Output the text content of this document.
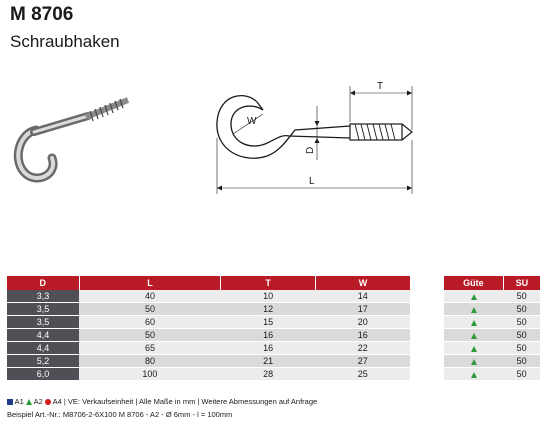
M 8706
Schraubhaken
T
W
D
L
D	L	T	W
3,3	40	10	14
3,5	50	12	17
3,5	60	15	20
4,4	50	16	16
4,4	65	16	22
5,2	80	21	27
6,0	100	28	25
Güte	SU
	50
	50
	50
	50
	50
	50
	50
A1 A2 A4 | VE: Verkaufseinheit | Alle Maße in mm | Weitere Abmessungen auf Anfrage
Beispiel Art.-Nr.: M8706-2-6X100 M 8706 - A2 - Ø 6mm - l = 100mm
